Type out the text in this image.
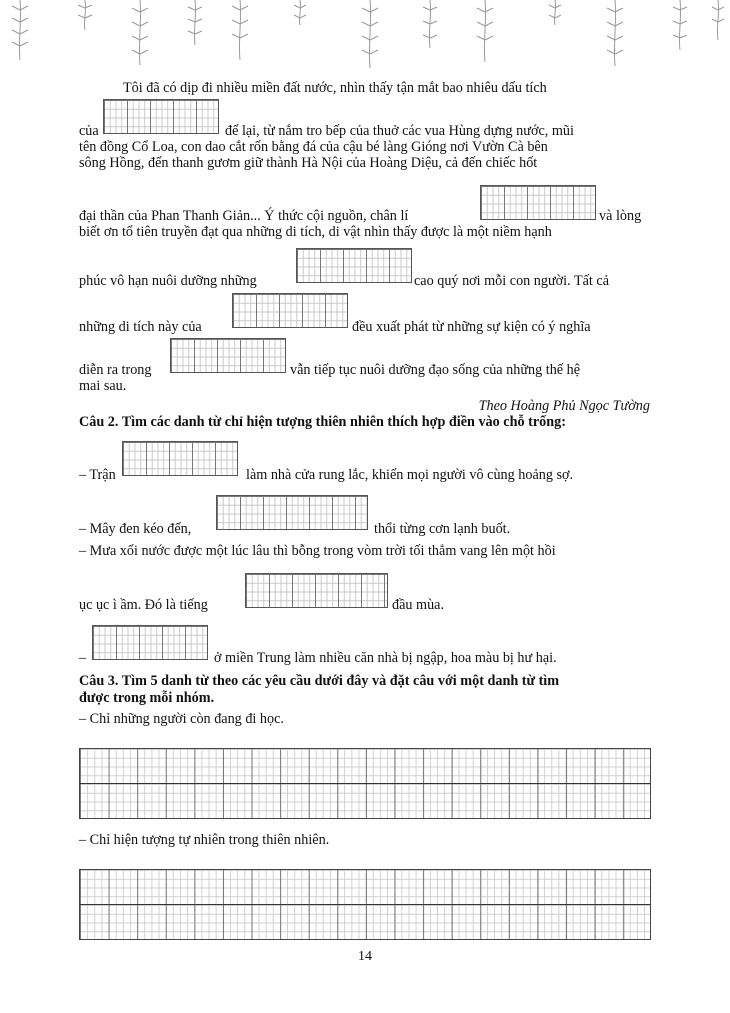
Tôi đã có dịp đi nhiều miền đất nước, nhìn thấy tận mắt bao nhiêu dấu tích
của	để lại, từ nắm tro bếp của thuở các vua Hùng dựng nước, mũi
tên đồng Cổ Loa, con dao cắt rốn bằng đá của cậu bé làng Gióng nơi Vườn Cà bên
sông Hồng, đến thanh gươm giữ thành Hà Nội của Hoàng Diệu, cả đến chiếc hốt
đại thần của Phan Thanh Giản... Ý thức cội nguồn, chân lí	và lòng
biết ơn tổ tiên truyền đạt qua những di tích, di vật nhìn thấy được là một niềm hạnh
phúc vô hạn nuôi dưỡng những	cao quý nơi mỗi con người. Tất cả
những di tích này của	đều xuất phát từ những sự kiện có ý nghĩa
diễn ra trong	vẫn tiếp tục nuôi dưỡng đạo sống của những thế hệ
mai sau.
Theo Hoàng Phủ Ngọc Tường
Câu 2. Tìm các danh từ chỉ hiện tượng thiên nhiên thích hợp điền vào chỗ trống:
– Trận	làm nhà cửa rung lắc, khiến mọi người vô cùng hoảng sợ.
– Mây đen kéo đến,	thổi từng cơn lạnh buốt.
– Mưa xối nước được một lúc lâu thì bỗng trong vòm trời tối thẳm vang lên một hồi
ục ục ì ầm. Đó là tiếng	đầu mùa.
–	ở miền Trung làm nhiều căn nhà bị ngập, hoa màu bị hư hại.
Câu 3. Tìm 5 danh từ theo các yêu cầu dưới đây và đặt câu với một danh từ tìm
được trong mỗi nhóm.
– Chỉ những người còn đang đi học.
– Chỉ hiện tượng tự nhiên trong thiên nhiên.
14
